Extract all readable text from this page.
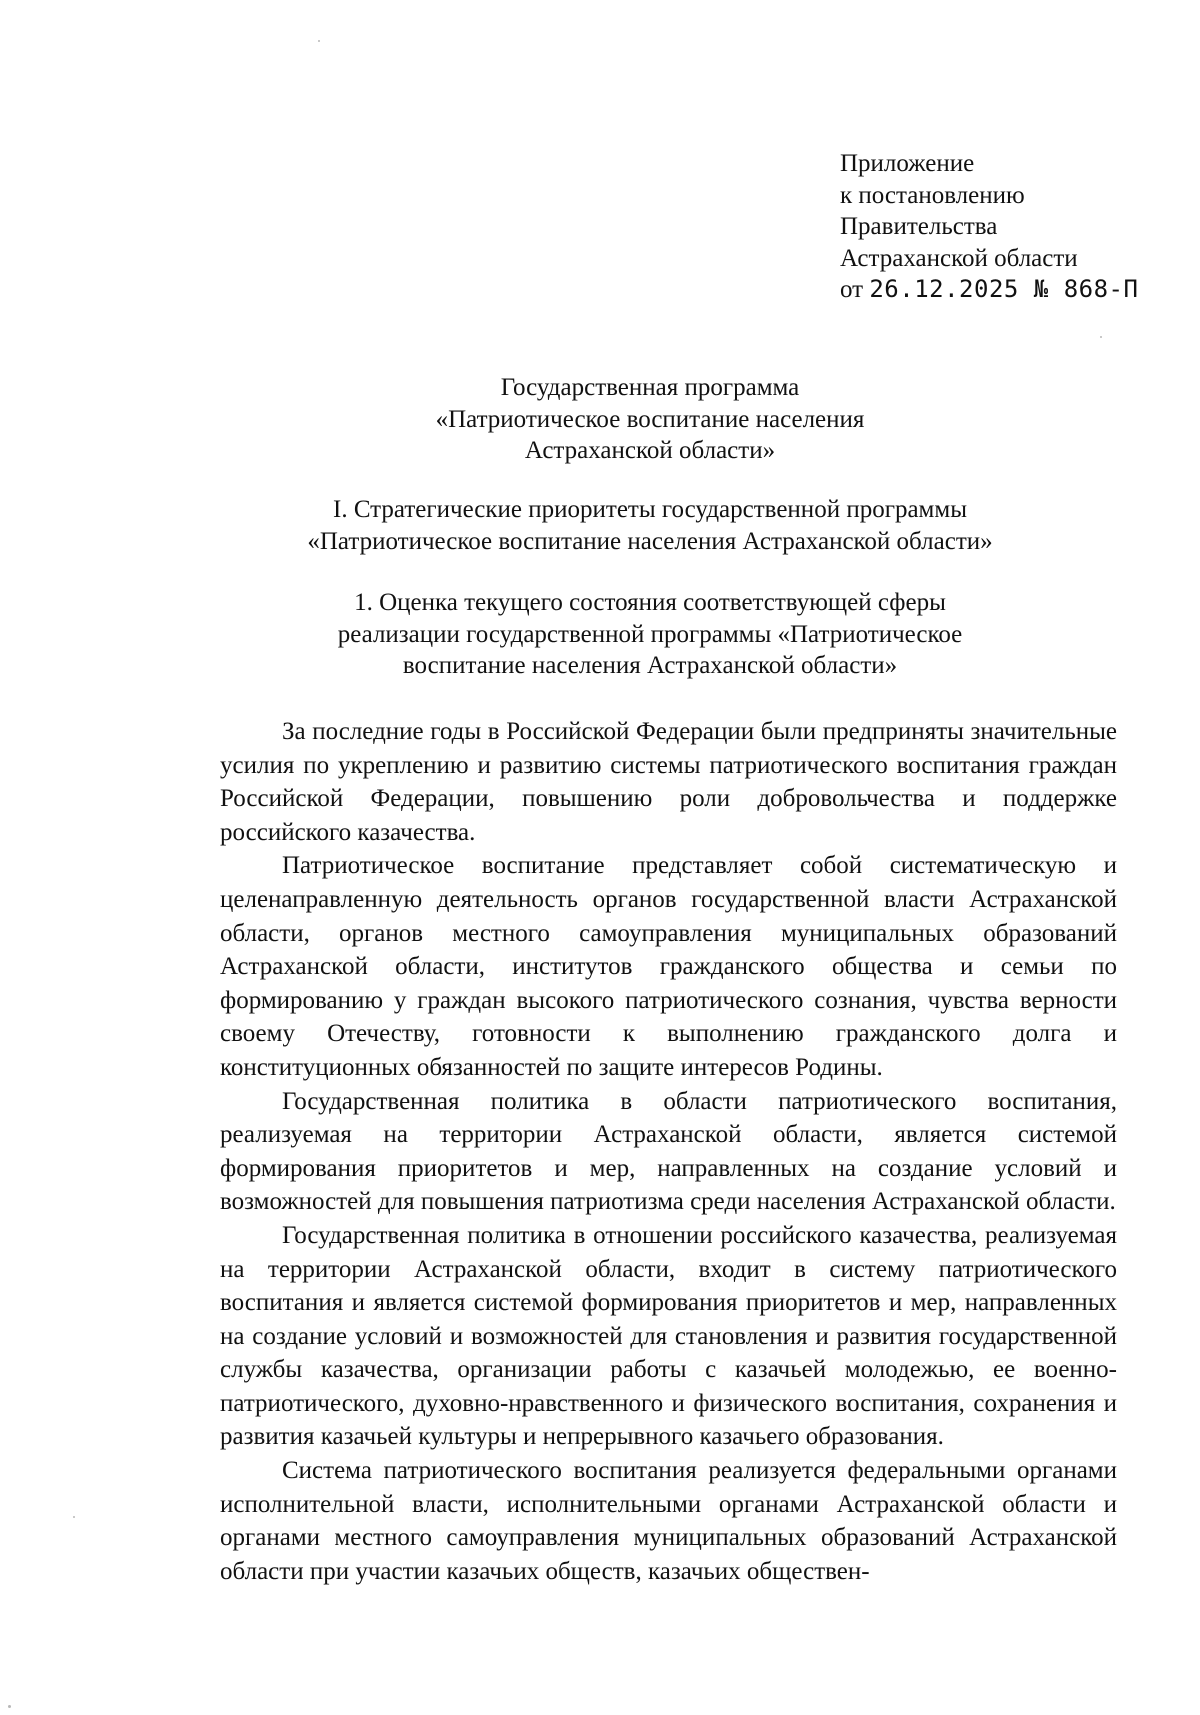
Приложение
к постановлению
Правительства
Астраханской области
от 26.12.2025 № 868-П
Государственная программа
«Патриотическое воспитание населения
Астраханской области»
I. Стратегические приоритеты государственной программы
«Патриотическое воспитание населения Астраханской области»
1. Оценка текущего состояния соответствующей сферы
реализации государственной программы «Патриотическое
воспитание населения Астраханской области»

За последние годы в Российской Федерации были предприняты значительные усилия по укреплению и развитию системы патриотического воспитания граждан Российской Федерации, повышению роли добровольчества и поддержке российского казачества.

Патриотическое воспитание представляет собой систематическую и целенаправленную деятельность органов государственной власти Астраханской области, органов местного самоуправления муниципальных образований Астраханской области, институтов гражданского общества и семьи по формированию у граждан высокого патриотического сознания, чувства верности своему Отечеству, готовности к выполнению гражданского долга и конституционных обязанностей по защите интересов Родины.

Государственная политика в области патриотического воспитания, реализуемая на территории Астраханской области, является системой формирования приоритетов и мер, направленных на создание условий и возможностей для повышения патриотизма среди населения Астраханской области.

Государственная политика в отношении российского казачества, реализуемая на территории Астраханской области, входит в систему патриотического воспитания и является системой формирования приоритетов и мер, направленных на создание условий и возможностей для становления и развития государственной службы казачества, организации работы с казачьей молодежью, ее военно-патриотического, духовно-нравственного и физического воспитания, сохранения и развития казачьей культуры и непрерывного казачьего образования.

Система патриотического воспитания реализуется федеральными органами исполнительной власти, исполнительными органами Астраханской области и органами местного самоуправления муниципальных образований Астраханской области при участии казачьих обществ, казачьих обществен-
